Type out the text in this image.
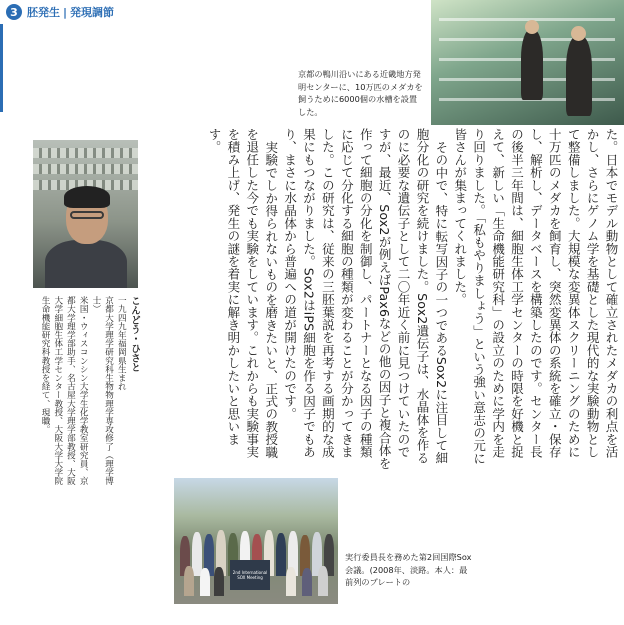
3 胚発生 | 発現調節
京都の鴨川沿いにある近畿地方発明センターに、10万匹のメダカを飼うために6000個の水槽を設置した。

た。日本でモデル動物として確立されたメダカの利点を活かし、さらにゲノム学を基礎とした現代的な実験動物として整備しました。大規模な変異体スクリーニングのために十万匹のメダカを飼育し、突然変異体の系統を確立・保存し、解析し、データベースを構築したのです。センター長の後半三年間は、細胞生体工学センターの時限を好機と捉えて、新しい「生命機能研究科」の設立のために学内を走り回りました。「私もやりましょう」という強い意志の元に皆さんが集まってくれました。

その中で、特に転写因子の一つであるSox2に注目して細胞分化の研究を続けました。Sox2遺伝子は、水晶体を作るのに必要な遺伝子として二〇年近く前に見つけていたのですが、最近、Sox2が例えばPax6などの他の因子と複合体を作って細胞の分化を制御し、パートナーとなる因子の種類に応じて分化する細胞の種類が変わることが分かってきました。この研究は、従来の三胚葉説を再考する画期的な成果にもつながりました。Sox2はiPS細胞を作る因子でもあり、まさに水晶体から普遍への道が開けたのです。

実験でしか得られないものを磨きたいと、正式の教授職を退任した今でも実験をしています。これからも実験事実を積み上げ、発生の謎を着実に解き明かしたいと思います。

こんどう・ひさと
一九四九年福岡県生まれ
京都大学理学研究科生物物理学専攻修了（理学博士）
米国・ウィスコンシン大学生化学教室研究員、京都大学理学部助手、名古屋大学理学部教授、大阪大学細胞生体工学センター教授、大阪大学大学院生命機能研究科教授を経て、現職。
2nd International SOX Meeting
実行委員長を務めた第2回国際Sox会議。(2008年、淡路。本人：最前列のプレートの
